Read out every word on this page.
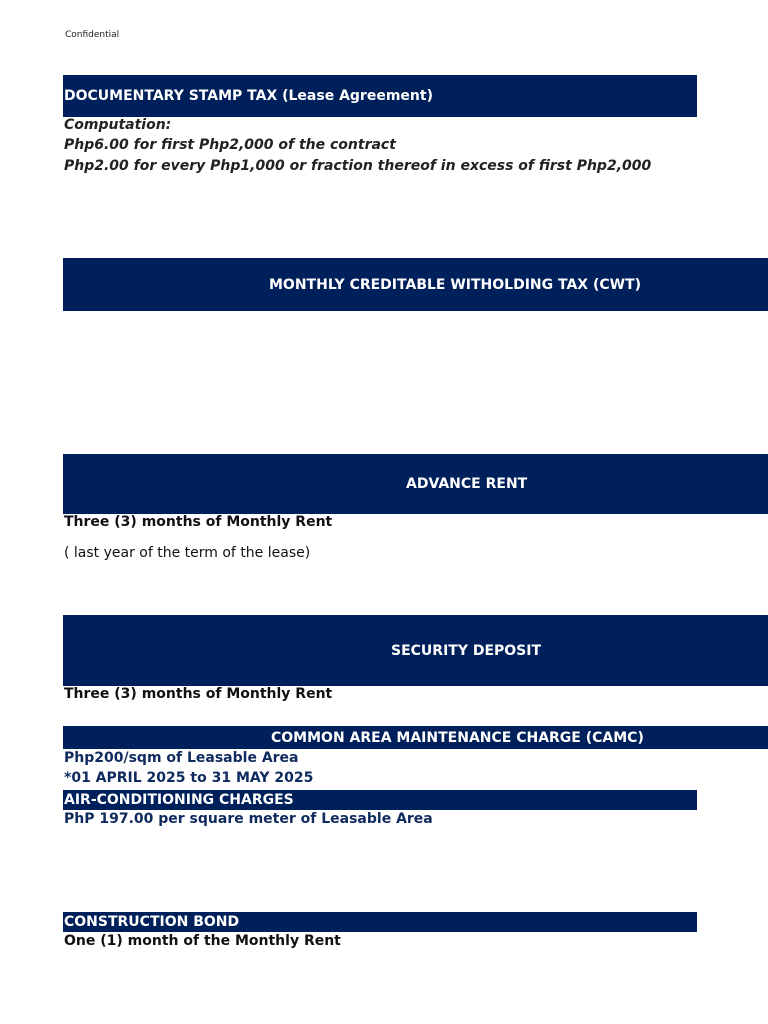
Confidential
DOCUMENTARY STAMP TAX (Lease Agreement)
Computation:
Php6.00 for first Php2,000 of the contract
Php2.00 for every Php1,000 or fraction thereof in excess of first Php2,000
MONTHLY CREDITABLE WITHOLDING TAX (CWT)
ADVANCE RENT
Three (3) months of Monthly Rent
( last year of the term of the lease)
SECURITY DEPOSIT
Three (3) months of Monthly Rent
COMMON AREA MAINTENANCE CHARGE (CAMC)
Php200/sqm of Leasable Area
*01 APRIL 2025 to 31 MAY 2025
AIR-CONDITIONING CHARGES
PhP 197.00 per square meter of Leasable Area
CONSTRUCTION BOND
One (1) month of the Monthly Rent
